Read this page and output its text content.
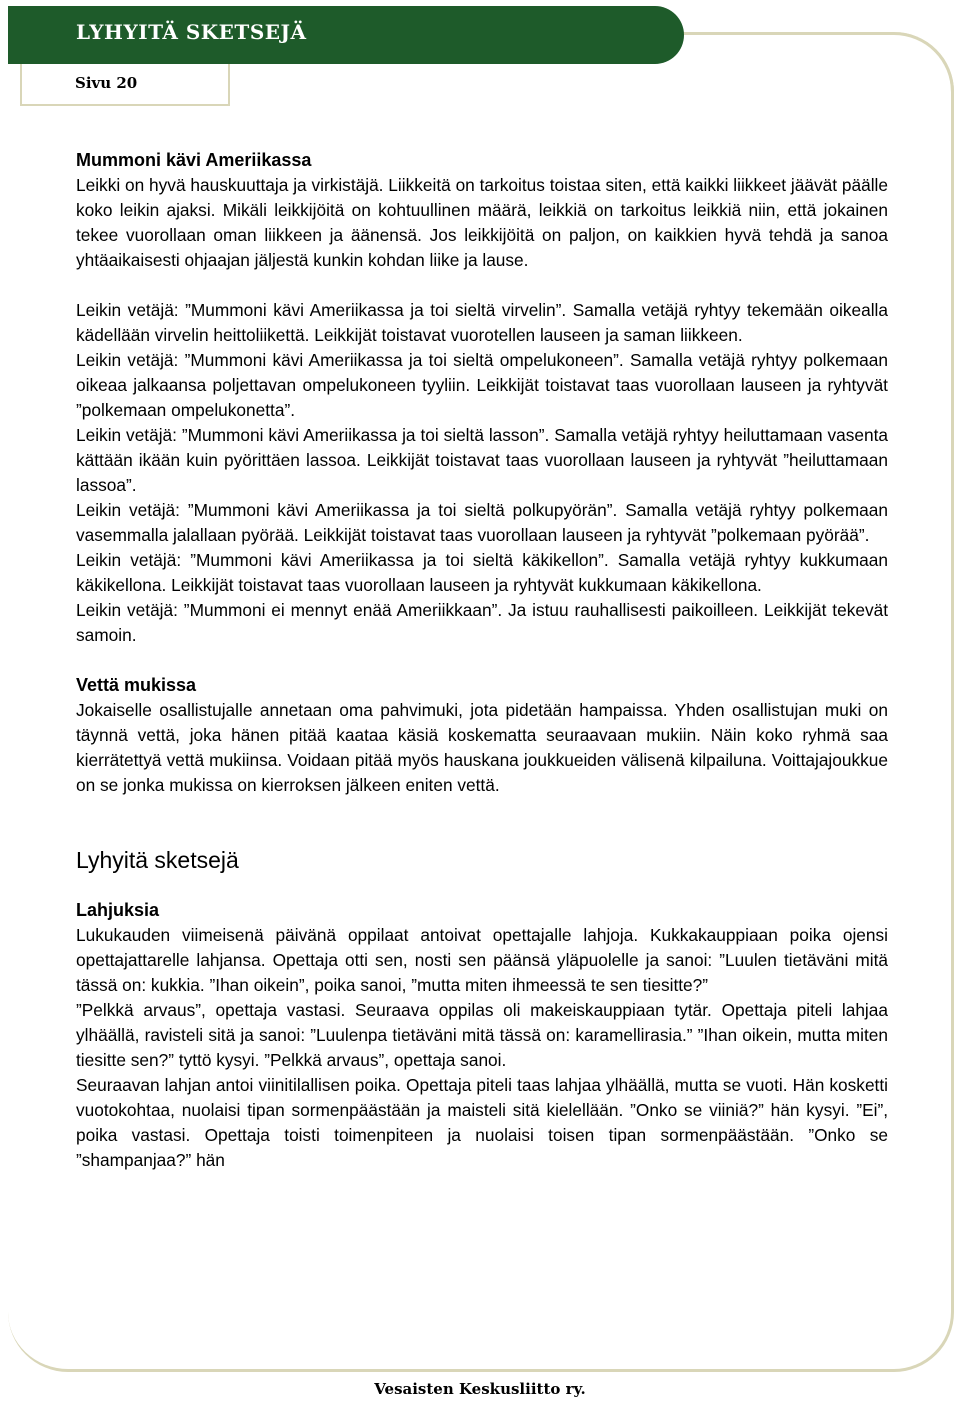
LYHYITÄ SKETSEJÄ
Sivu 20

Mummoni kävi Ameriikassa

Leikki on hyvä hauskuuttaja ja virkistäjä. Liikkeitä on tarkoitus toistaa siten, että kaikki liikkeet jäävät päälle koko leikin ajaksi. Mikäli leikkijöitä on kohtuullinen määrä, leikkiä on tarkoitus leikkiä niin, että jokainen tekee vuorollaan oman liikkeen ja äänensä. Jos leikkijöitä on paljon, on kaikkien hyvä tehdä ja sanoa yhtäaikaisesti ohjaajan jäljestä kunkin kohdan liike ja lause.

Leikin vetäjä: ”Mummoni kävi Ameriikassa ja toi sieltä virvelin”. Samalla vetäjä ryhtyy tekemään oikealla kädellään virvelin heittoliikettä. Leikkijät toistavat vuorotellen lauseen ja saman liikkeen.

Leikin vetäjä: ”Mummoni kävi Ameriikassa ja toi sieltä ompelukoneen”. Samalla vetäjä ryhtyy polkemaan oikeaa jalkaansa poljettavan ompelukoneen tyyliin. Leikkijät toistavat taas vuorollaan lauseen ja ryhtyvät ”polkemaan ompelukonetta”.

Leikin vetäjä: ”Mummoni kävi Ameriikassa ja toi sieltä lasson”. Samalla vetäjä ryhtyy heiluttamaan vasenta kättään ikään kuin pyörittäen lassoa. Leikkijät toistavat taas vuorollaan lauseen ja ryhtyvät ”heiluttamaan lassoa”.

Leikin vetäjä: ”Mummoni kävi Ameriikassa ja toi sieltä polkupyörän”. Samalla vetäjä ryhtyy polkemaan vasemmalla jalallaan pyörää. Leikkijät toistavat taas vuorollaan lauseen ja ryhtyvät ”polkemaan pyörää”.

Leikin vetäjä: ”Mummoni kävi Ameriikassa ja toi sieltä käkikellon”. Samalla vetäjä ryhtyy kukkumaan käkikellona. Leikkijät toistavat taas vuorollaan lauseen ja ryhtyvät kukkumaan käkikellona.

Leikin vetäjä: ”Mummoni ei mennyt enää Ameriikkaan”. Ja istuu rauhallisesti paikoilleen. Leikkijät tekevät samoin.

Vettä mukissa

Jokaiselle osallistujalle annetaan oma pahvimuki, jota pidetään hampaissa. Yhden osallistujan muki on täynnä vettä, joka hänen pitää kaataa käsiä koskematta seuraavaan mukiin. Näin koko ryhmä saa kierrätettyä vettä mukiinsa. Voidaan pitää myös hauskana joukkueiden välisenä kilpailuna. Voittajajoukkue on se jonka mukissa on kierroksen jälkeen eniten vettä.

Lyhyitä sketsejä

Lahjuksia

Lukukauden viimeisenä päivänä oppilaat antoivat opettajalle lahjoja. Kukkakauppiaan poika ojensi opettajattarelle lahjansa. Opettaja otti sen, nosti sen päänsä yläpuolelle ja sanoi: ”Luulen tietäväni mitä tässä on: kukkia. ”Ihan oikein”, poika sanoi, ”mutta miten ihmeessä te sen tiesitte?”

”Pelkkä arvaus”, opettaja vastasi. Seuraava oppilas oli makeiskauppiaan tytär. Opettaja piteli lahjaa ylhäällä, ravisteli sitä ja sanoi: ”Luulenpa tietäväni mitä tässä on: karamellirasia.” ”Ihan oikein, mutta miten tiesitte sen?” tyttö kysyi. ”Pelkkä arvaus”, opettaja sanoi.

Seuraavan lahjan antoi viinitilallisen poika. Opettaja piteli taas lahjaa ylhäällä, mutta se vuoti. Hän kosketti vuotokohtaa, nuolaisi tipan sormenpäästään ja maisteli sitä kielellään. ”Onko se viiniä?” hän kysyi. ”Ei”, poika vastasi. Opettaja toisti toimenpiteen ja nuolaisi toisen tipan sormenpäästään. ”Onko se ”shampanjaa?” hän

Vesaisten Keskusliitto ry.
